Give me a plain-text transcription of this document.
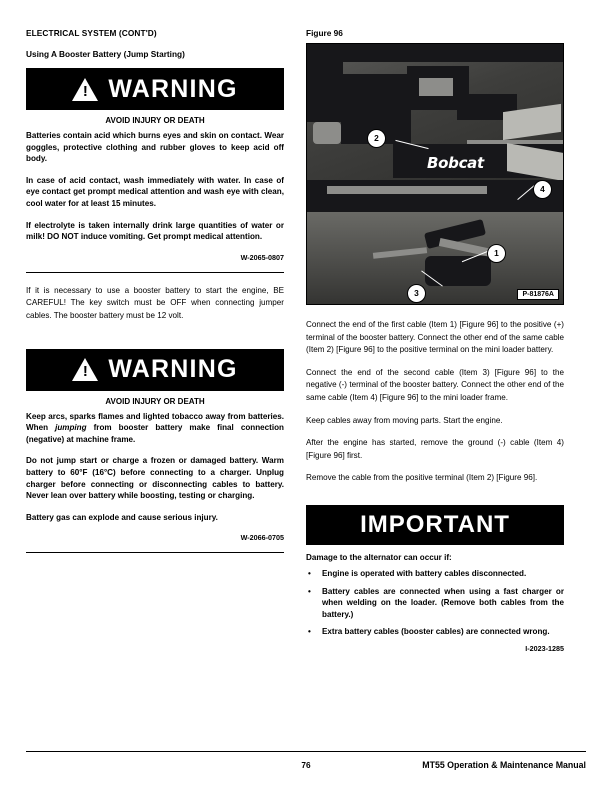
ELECTRICAL SYSTEM (CONT'D)
Using A Booster Battery (Jump Starting)
! WARNING
AVOID INJURY OR DEATH

Batteries contain acid which burns eyes and skin on contact. Wear goggles, protective clothing and rubber gloves to keep acid off body.

In case of acid contact, wash immediately with water. In case of eye contact get prompt medical attention and wash eye with clean, cool water for at least 15 minutes.

If electrolyte is taken internally drink large quantities of water or milk! DO NOT induce vomiting. Get prompt medical attention.

W-2065-0807

If it is necessary to use a booster battery to start the engine, BE CAREFUL! The key switch must be OFF when connecting jumper cables. The booster battery must be 12 volt.

! WARNING
AVOID INJURY OR DEATH

Keep arcs, sparks flames and lighted tobacco away from batteries. When jumping from booster battery make final connection (negative) at machine frame.

Do not jump start or charge a frozen or damaged battery. Warm battery to 60°F (16°C) before connecting to a charger. Unplug charger before connecting or disconnecting cables to battery. Never lean over battery while boosting, testing or charging.

Battery gas can explode and cause serious injury.

W-2066-0705
Figure 96
Bobcat
2
4
1
3	P-81876A

Connect the end of the first cable (Item 1) [Figure 96] to the positive (+) terminal of the booster battery. Connect the other end of the same cable (Item 2) [Figure 96] to the positive terminal on the mini loader battery.

Connect the end of the second cable (Item 3) [Figure 96] to the negative (-) terminal of the booster battery. Connect the other end of the same cable (Item 4) [Figure 96] to the mini loader frame.

Keep cables away from moving parts. Start the engine.

After the engine has started, remove the ground (-) cable (Item 4) [Figure 96] first.

Remove the cable from the positive terminal (Item 2) [Figure 96].

IMPORTANT
Damage to the alternator can occur if:
• Engine is operated with battery cables disconnected.
• Battery cables are connected when using a fast charger or when welding on the loader. (Remove both cables from the battery.)
• Extra battery cables (booster cables) are connected wrong.
I-2023-1285
76	MT55 Operation & Maintenance Manual
